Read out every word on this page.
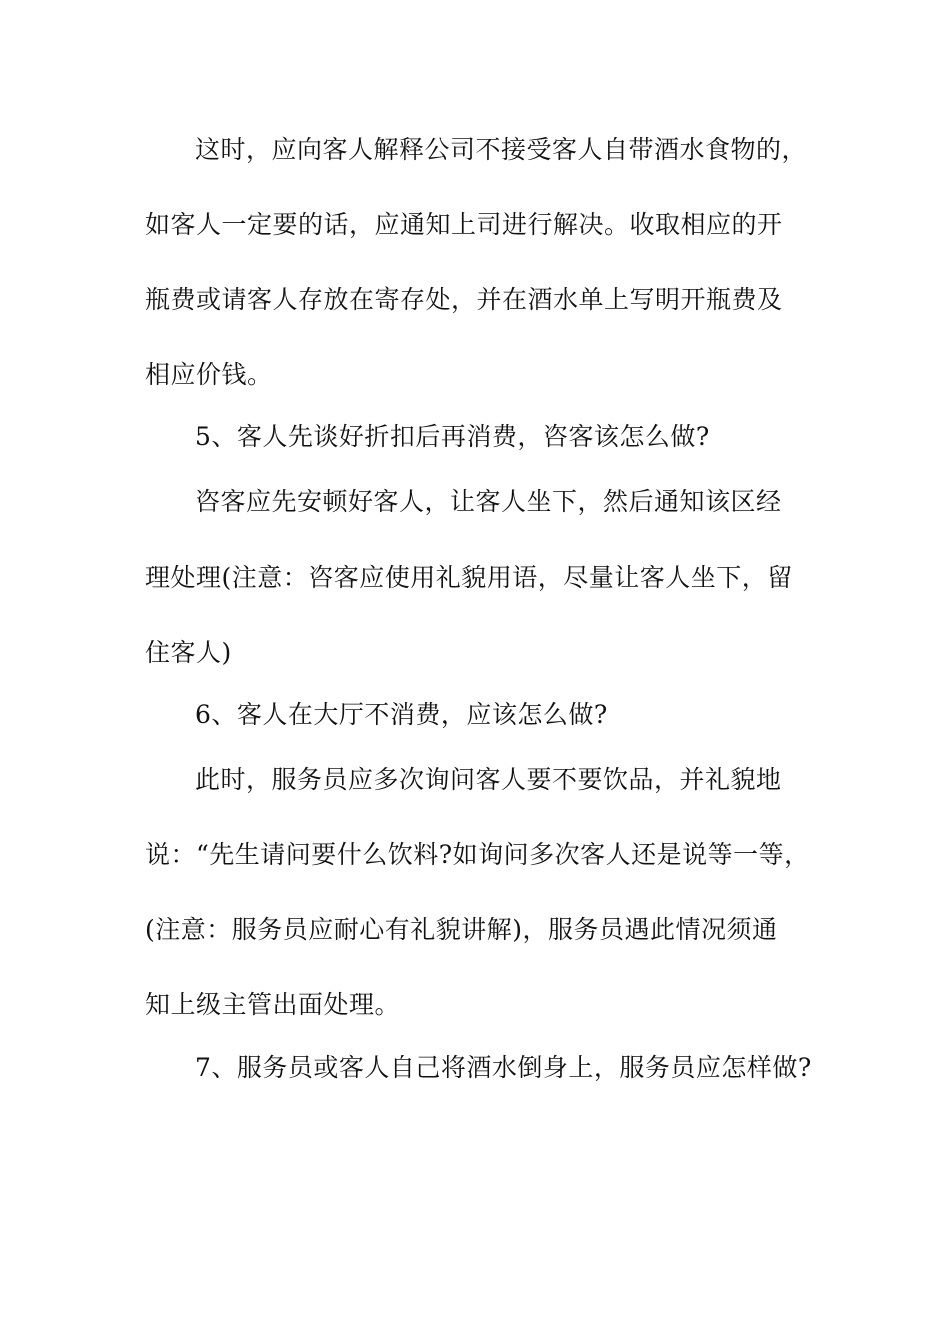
这时，应向客人解释公司不接受客人自带酒水食物的，
如客人一定要的话，应通知上司进行解决。收取相应的开
瓶费或请客人存放在寄存处，并在酒水单上写明开瓶费及
相应价钱。
5、客人先谈好折扣后再消费，咨客该怎么做?
咨客应先安顿好客人，让客人坐下，然后通知该区经
理处理(注意：咨客应使用礼貌用语，尽量让客人坐下，留
住客人)
6、客人在大厅不消费，应该怎么做?
此时，服务员应多次询问客人要不要饮品，并礼貌地
说：“先生请问要什么饮料?如询问多次客人还是说等一等，
(注意：服务员应耐心有礼貌讲解)，服务员遇此情况须通
知上级主管出面处理。
7、服务员或客人自己将酒水倒身上，服务员应怎样做?
